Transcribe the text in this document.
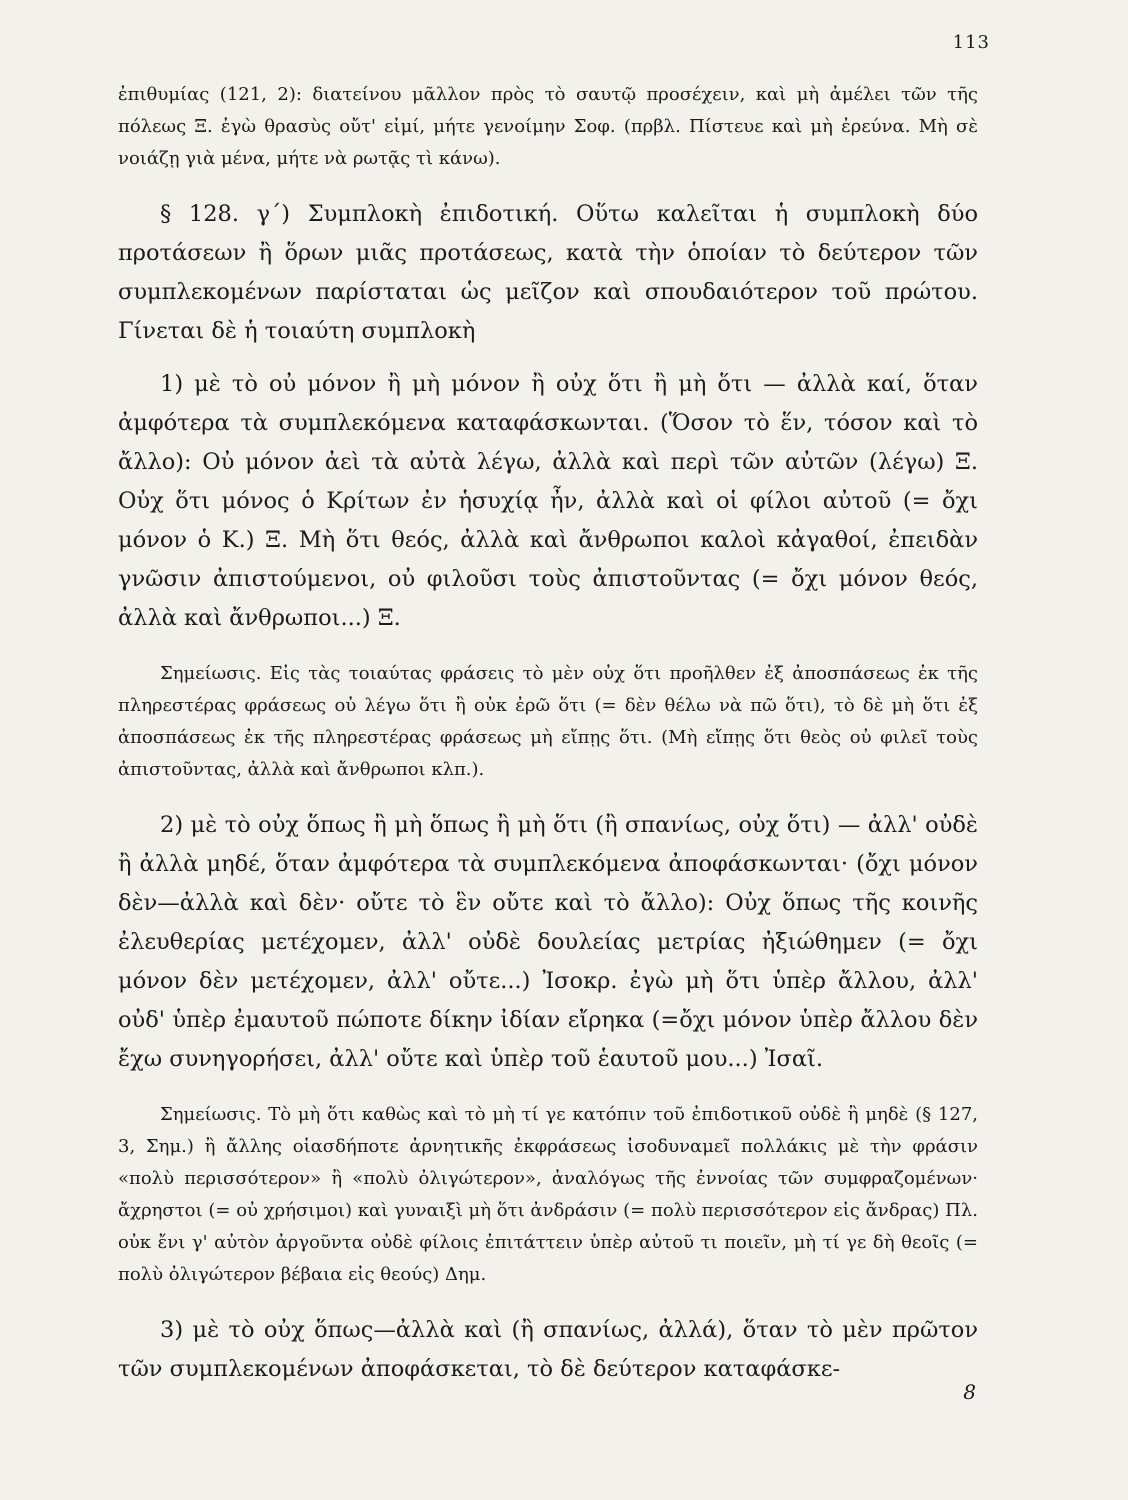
113

ἐπιθυμίας (121, 2): διατείνου μᾶλλον πρὸς τὸ σαυτῷ προσέχειν, καὶ μὴ ἀμέλει τῶν τῆς πόλεως Ξ. ἐγὼ θρασὺς οὔτ' εἰμί, μήτε γενοίμην Σοφ. (πρβλ. Πίστευε καὶ μὴ ἐρεύνα. Μὴ σὲ νοιάζῃ γιὰ μένα, μήτε νὰ ρωτᾷς τὶ κάνω).

§ 128. γ΄) Συμπλοκὴ ἐπιδοτική. Οὕτω καλεῖται ἡ συμπλοκὴ δύο προτάσεων ἢ ὅρων μιᾶς προτάσεως, κατὰ τὴν ὁποίαν τὸ δεύτερον τῶν συμπλεκομένων παρίσταται ὡς μεῖζον καὶ σπουδαιότερον τοῦ πρώτου. Γίνεται δὲ ἡ τοιαύτη συμπλοκὴ

1) μὲ τὸ οὐ μόνον ἢ μὴ μόνον ἢ οὐχ ὅτι ἢ μὴ ὅτι — ἀλλὰ καί, ὅταν ἀμφότερα τὰ συμπλεκόμενα καταφάσκωνται. (Ὅσον τὸ ἕν, τόσον καὶ τὸ ἄλλο): Οὐ μόνον ἀεὶ τὰ αὐτὰ λέγω, ἀλλὰ καὶ περὶ τῶν αὐτῶν (λέγω) Ξ. Οὐχ ὅτι μόνος ὁ Κρίτων ἐν ἡσυχίᾳ ἦν, ἀλλὰ καὶ οἱ φίλοι αὐτοῦ (= ὄχι μόνον ὁ Κ.) Ξ. Μὴ ὅτι θεός, ἀλλὰ καὶ ἄνθρωποι καλοὶ κἀγαθοί, ἐπειδὰν γνῶσιν ἀπιστούμενοι, οὐ φιλοῦσι τοὺς ἀπιστοῦντας (= ὄχι μόνον θεός, ἀλλὰ καὶ ἄνθρωποι...) Ξ.

Σημείωσις. Εἰς τὰς τοιαύτας φράσεις τὸ μὲν οὐχ ὅτι προῆλθεν ἐξ ἀποσπάσεως ἐκ τῆς πληρεστέρας φράσεως οὐ λέγω ὅτι ἢ οὐκ ἐρῶ ὅτι (= δὲν θέλω νὰ πῶ ὅτι), τὸ δὲ μὴ ὅτι ἐξ ἀποσπάσεως ἐκ τῆς πληρεστέρας φράσεως μὴ εἴπῃς ὅτι. (Μὴ εἴπῃς ὅτι θεὸς οὐ φιλεῖ τοὺς ἀπιστοῦντας, ἀλλὰ καὶ ἄνθρωποι κλπ.).

2) μὲ τὸ οὐχ ὅπως ἢ μὴ ὅπως ἢ μὴ ὅτι (ἢ σπανίως, οὐχ ὅτι) — ἀλλ' οὐδὲ ἢ ἀλλὰ μηδέ, ὅταν ἀμφότερα τὰ συμπλεκόμενα ἀποφάσκωνται· (ὄχι μόνον δὲν—ἀλλὰ καὶ δὲν· οὔτε τὸ ἓν οὔτε καὶ τὸ ἄλλο): Οὐχ ὅπως τῆς κοινῆς ἐλευθερίας μετέχομεν, ἀλλ' οὐδὲ δουλείας μετρίας ἠξιώθημεν (= ὄχι μόνον δὲν μετέχομεν, ἀλλ' οὔτε...) Ἰσοκρ. ἐγὼ μὴ ὅτι ὑπὲρ ἄλλου, ἀλλ' οὐδ' ὑπὲρ ἐμαυτοῦ πώποτε δίκην ἰδίαν εἴρηκα (=ὄχι μόνον ὑπὲρ ἄλλου δὲν ἔχω συνηγορήσει, ἀλλ' οὔτε καὶ ὑπὲρ τοῦ ἑαυτοῦ μου...) Ἰσαῖ.

Σημείωσις. Τὸ μὴ ὅτι καθὼς καὶ τὸ μὴ τί γε κατόπιν τοῦ ἐπιδοτικοῦ οὐδὲ ἢ μηδὲ (§ 127, 3, Σημ.) ἢ ἄλλης οἱασδήποτε ἀρνητικῆς ἐκφράσεως ἰσοδυναμεῖ πολλάκις μὲ τὴν φράσιν «πολὺ περισσότερον» ἢ «πολὺ ὀλιγώτερον», ἀναλόγως τῆς ἐννοίας τῶν συμφραζομένων· ἄχρηστοι (= οὐ χρήσιμοι) καὶ γυναιξὶ μὴ ὅτι ἀνδράσιν (= πολὺ περισσότερον εἰς ἄνδρας) Πλ. οὐκ ἔνι γ' αὐτὸν ἀργοῦντα οὐδὲ φίλοις ἐπιτάττειν ὑπὲρ αὐτοῦ τι ποιεῖν, μὴ τί γε δὴ θεοῖς (= πολὺ ὀλιγώτερον βέβαια εἰς θεούς) Δημ.

3) μὲ τὸ οὐχ ὅπως—ἀλλὰ καὶ (ἢ σπανίως, ἀλλά), ὅταν τὸ μὲν πρῶτον τῶν συμπλεκομένων ἀποφάσκεται, τὸ δὲ δεύτερον καταφάσκε-

8
